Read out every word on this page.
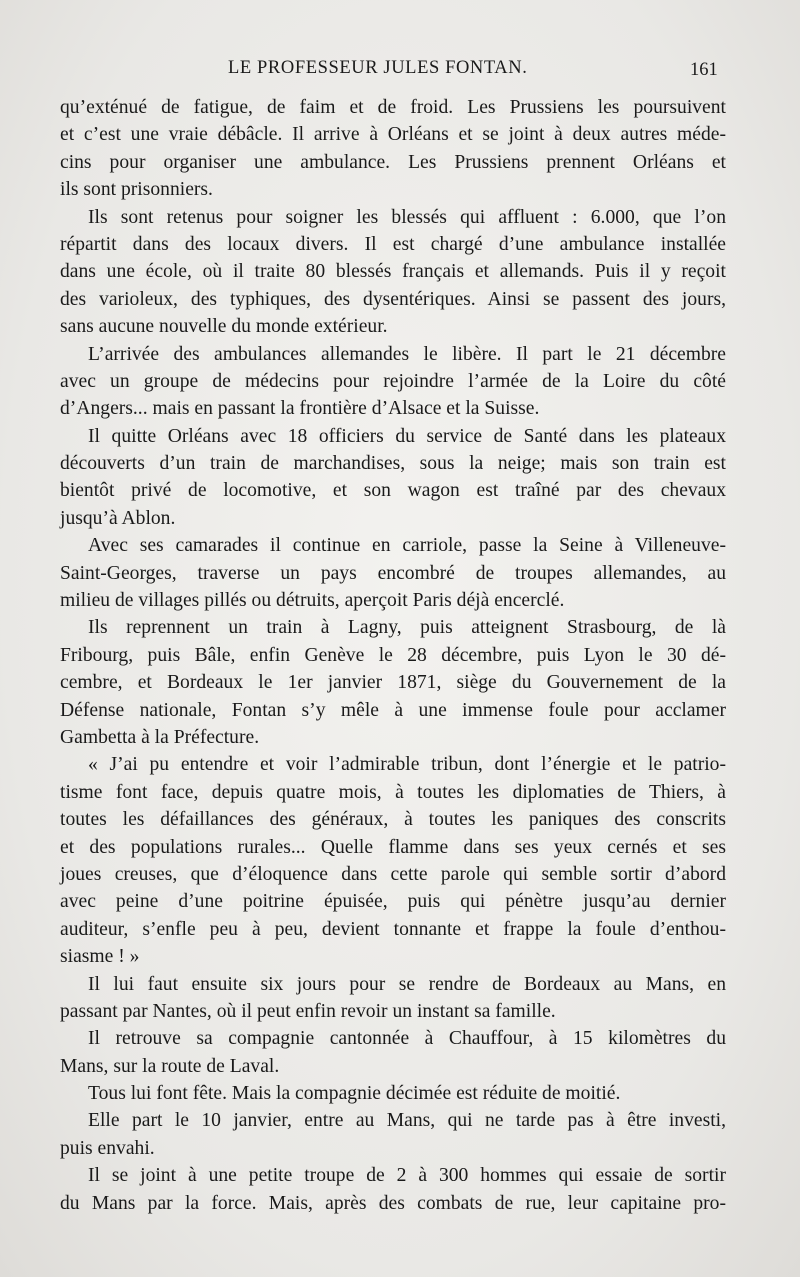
LE PROFESSEUR JULES FONTAN.	161
qu’exténué de fatigue, de faim et de froid. Les Prussiens les poursuivent
et c’est une vraie débâcle. Il arrive à Orléans et se joint à deux autres méde-
cins pour organiser une ambulance. Les Prussiens prennent Orléans et
ils sont prisonniers.
Ils sont retenus pour soigner les blessés qui affluent : 6.000, que l’on
répartit dans des locaux divers. Il est chargé d’une ambulance installée
dans une école, où il traite 80 blessés français et allemands. Puis il y reçoit
des varioleux, des typhiques, des dysentériques. Ainsi se passent des jours,
sans aucune nouvelle du monde extérieur.
L’arrivée des ambulances allemandes le libère. Il part le 21 décembre
avec un groupe de médecins pour rejoindre l’armée de la Loire du côté
d’Angers... mais en passant la frontière d’Alsace et la Suisse.
Il quitte Orléans avec 18 officiers du service de Santé dans les plateaux
découverts d’un train de marchandises, sous la neige; mais son train est
bientôt privé de locomotive, et son wagon est traîné par des chevaux
jusqu’à Ablon.
Avec ses camarades il continue en carriole, passe la Seine à Villeneuve-
Saint-Georges, traverse un pays encombré de troupes allemandes, au
milieu de villages pillés ou détruits, aperçoit Paris déjà encerclé.
Ils reprennent un train à Lagny, puis atteignent Strasbourg, de là
Fribourg, puis Bâle, enfin Genève le 28 décembre, puis Lyon le 30 dé-
cembre, et Bordeaux le 1er janvier 1871, siège du Gouvernement de la
Défense nationale, Fontan s’y mêle à une immense foule pour acclamer
Gambetta à la Préfecture.
« J’ai pu entendre et voir l’admirable tribun, dont l’énergie et le patrio-
tisme font face, depuis quatre mois, à toutes les diplomaties de Thiers, à
toutes les défaillances des généraux, à toutes les paniques des conscrits
et des populations rurales... Quelle flamme dans ses yeux cernés et ses
joues creuses, que d’éloquence dans cette parole qui semble sortir d’abord
avec peine d’une poitrine épuisée, puis qui pénètre jusqu’au dernier
auditeur, s’enfle peu à peu, devient tonnante et frappe la foule d’enthou-
siasme ! »
Il lui faut ensuite six jours pour se rendre de Bordeaux au Mans, en
passant par Nantes, où il peut enfin revoir un instant sa famille.
Il retrouve sa compagnie cantonnée à Chauffour, à 15 kilomètres du
Mans, sur la route de Laval.
Tous lui font fête. Mais la compagnie décimée est réduite de moitié.
Elle part le 10 janvier, entre au Mans, qui ne tarde pas à être investi,
puis envahi.
Il se joint à une petite troupe de 2 à 300 hommes qui essaie de sortir
du Mans par la force. Mais, après des combats de rue, leur capitaine pro-
